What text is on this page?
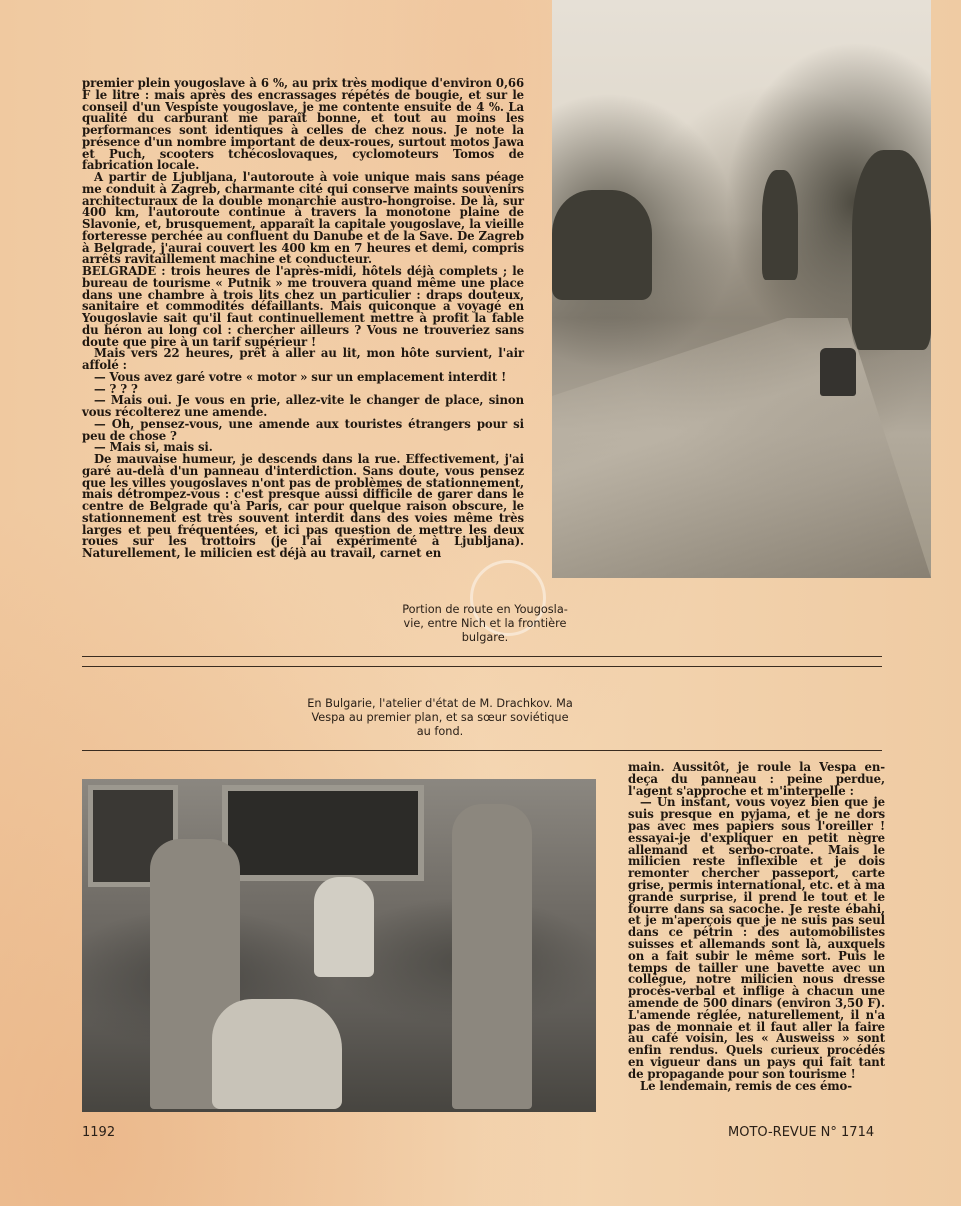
premier plein yougoslave à 6 %, au prix très modique d'environ 0,66 F le litre : mais après des encrassages répétés de bougie, et sur le conseil d'un Vespiste yougoslave, je me contente ensuite de 4 %. La qualité du carburant me paraît bonne, et tout au moins les performances sont identiques à celles de chez nous. Je note la présence d'un nombre important de deux-roues, surtout motos Jawa et Puch, scooters tchécoslovaques, cyclomoteurs Tomos de fabrication locale.

A partir de Ljubljana, l'autoroute à voie unique mais sans péage me conduit à Zagreb, charmante cité qui conserve maints souvenirs architecturaux de la double monarchie austro-hongroise. De là, sur 400 km, l'autoroute continue à travers la monotone plaine de Slavonie, et, brusquement, apparaît la capitale yougoslave, la vieille forteresse perchée au confluent du Danube et de la Save. De Zagreb à Belgrade, j'aurai couvert les 400 km en 7 heures et demi, compris arrêts ravitaillement machine et conducteur.

BELGRADE : trois heures de l'après-midi, hôtels déjà complets ; le bureau de tourisme « Putnik » me trouvera quand même une place dans une chambre à trois lits chez un particulier : draps douteux, sanitaire et commodités défaillants. Mais quiconque a voyagé en Yougoslavie sait qu'il faut continuellement mettre à profit la fable du héron au long col : chercher ailleurs ? Vous ne trouveriez sans doute que pire à un tarif supérieur !

Mais vers 22 heures, prêt à aller au lit, mon hôte survient, l'air affolé :

— Vous avez garé votre « motor » sur un emplacement interdit !

— ? ? ?

— Mais oui. Je vous en prie, allez-vite le changer de place, sinon vous récolterez une amende.

— Oh, pensez-vous, une amende aux touristes étrangers pour si peu de chose ?

— Mais si, mais si.

De mauvaise humeur, je descends dans la rue. Effectivement, j'ai garé au-delà d'un panneau d'interdiction. Sans doute, vous pensez que les villes yougoslaves n'ont pas de problèmes de stationnement, mais détrompez-vous : c'est presque aussi difficile de garer dans le centre de Belgrade qu'à Paris, car pour quelque raison obscure, le stationnement est très souvent interdit dans des voies même très larges et peu fréquentées, et ici pas question de mettre les deux roues sur les trottoirs (je l'ai expérimenté à Ljubljana). Naturellement, le milicien est déjà au travail, carnet en

Portion de route en Yougosla-
vie, entre Nich et la frontière
bulgare.
En Bulgarie, l'atelier d'état de M. Drachkov. Ma
Vespa au premier plan, et sa sœur soviétique
au fond.

main. Aussitôt, je roule la Vespa en-deça du panneau : peine perdue, l'agent s'approche et m'interpelle :

— Un instant, vous voyez bien que je suis presque en pyjama, et je ne dors pas avec mes papiers sous l'oreiller ! essayai-je d'expliquer en petit nègre allemand et serbo-croate. Mais le milicien reste inflexible et je dois remonter chercher passeport, carte grise, permis international, etc. et à ma grande surprise, il prend le tout et le fourre dans sa sacoche. Je reste ébahi, et je m'aperçois que je ne suis pas seul dans ce pétrin : des automobilistes suisses et allemands sont là, auxquels on a fait subir le même sort. Puis le temps de tailler une bavette avec un collègue, notre milicien nous dresse procès-verbal et inflige à chacun une amende de 500 dinars (environ 3,50 F). L'amende réglée, naturellement, il n'a pas de monnaie et il faut aller la faire au café voisin, les « Ausweiss » sont enfin rendus. Quels curieux procédés en vigueur dans un pays qui fait tant de propagande pour son tourisme !

Le lendemain, remis de ces émo-

1192	MOTO-REVUE N° 1714
